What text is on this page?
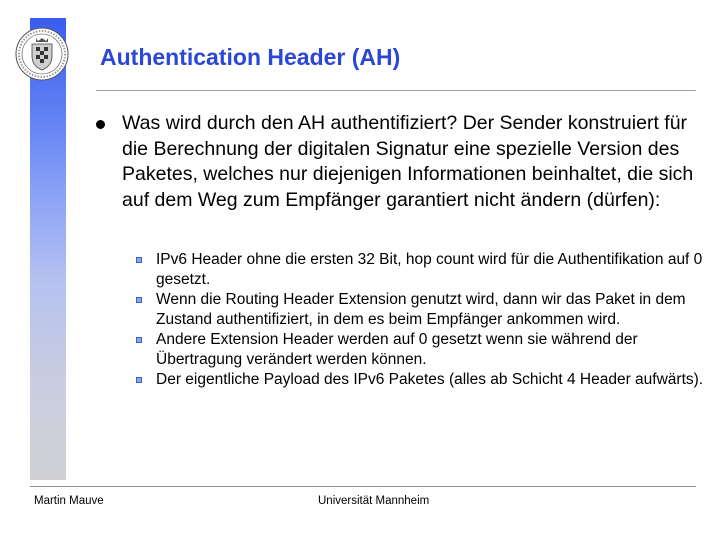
Authentication Header (AH)
Was wird durch den AH authentifiziert? Der Sender konstruiert für die Berechnung der digitalen Signatur eine spezielle Version des Paketes, welches nur diejenigen Informationen beinhaltet, die sich auf dem Weg zum Empfänger garantiert nicht ändern (dürfen):
IPv6 Header ohne die ersten 32 Bit, hop count wird für die Authentifikation auf 0 gesetzt.
Wenn die Routing Header Extension genutzt wird, dann wir das Paket in dem Zustand authentifiziert, in dem es beim Empfänger ankommen wird.
Andere Extension Header werden auf 0 gesetzt wenn sie während der Übertragung verändert werden können.
Der eigentliche Payload des IPv6 Paketes (alles ab Schicht 4 Header aufwärts).
Martin Mauve	Universität Mannheim
